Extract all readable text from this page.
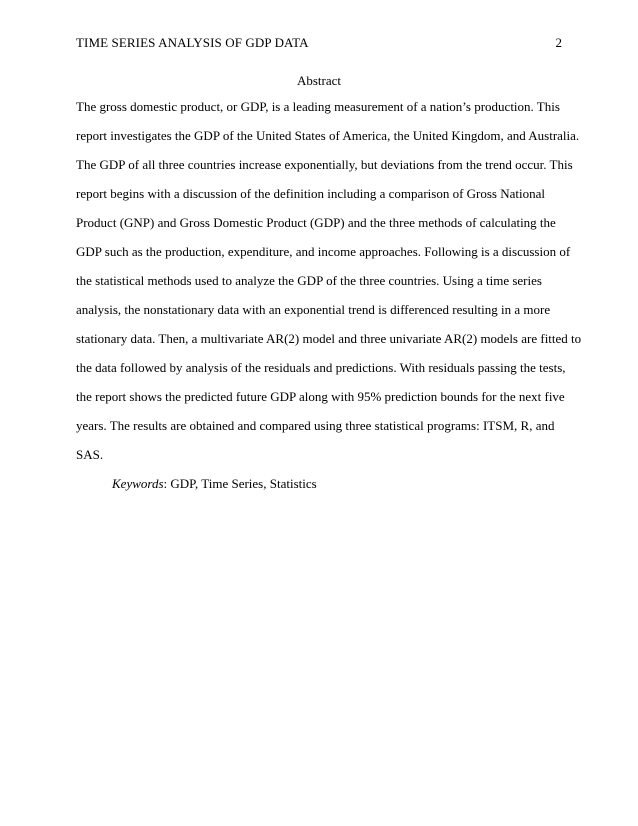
TIME SERIES ANALYSIS OF GDP DATA	2
Abstract

The gross domestic product, or GDP, is a leading measurement of a nation’s production. This
report investigates the GDP of the United States of America, the United Kingdom, and Australia.
The GDP of all three countries increase exponentially, but deviations from the trend occur. This
report begins with a discussion of the definition including a comparison of Gross National
Product (GNP) and Gross Domestic Product (GDP) and the three methods of calculating the
GDP such as the production, expenditure, and income approaches. Following is a discussion of
the statistical methods used to analyze the GDP of the three countries. Using a time series
analysis, the nonstationary data with an exponential trend is differenced resulting in a more
stationary data. Then, a multivariate AR(2) model and three univariate AR(2) models are fitted to
the data followed by analysis of the residuals and predictions. With residuals passing the tests,
the report shows the predicted future GDP along with 95% prediction bounds for the next five
years. The results are obtained and compared using three statistical programs: ITSM, R, and
SAS.

Keywords: GDP, Time Series, Statistics
